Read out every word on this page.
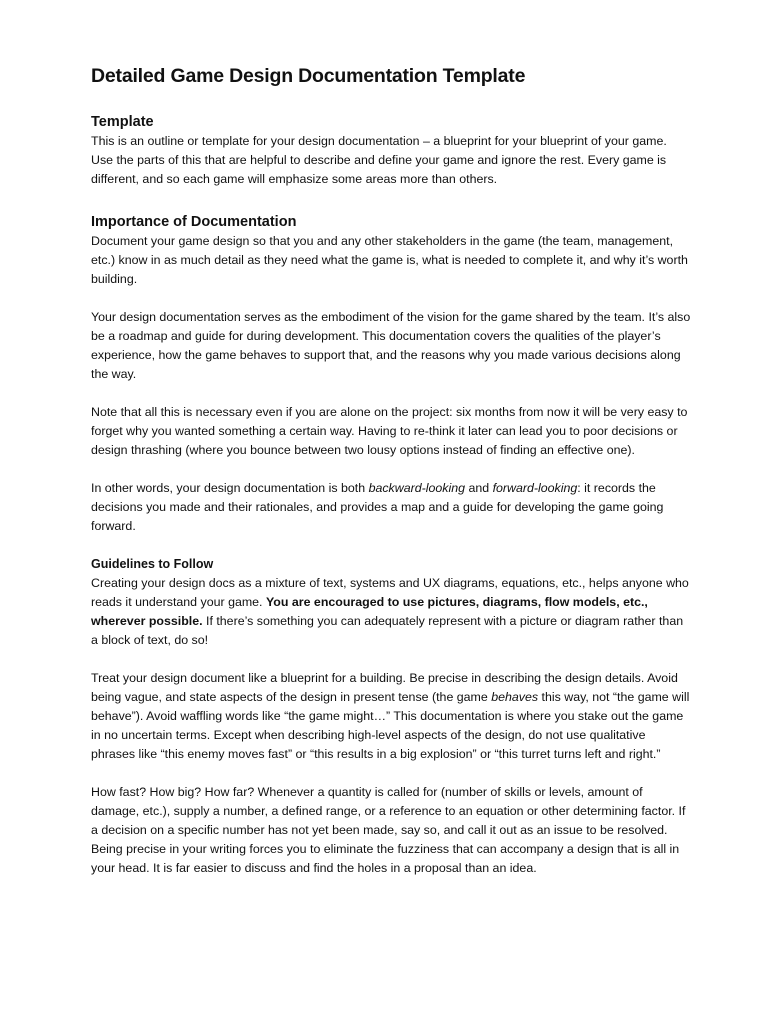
Detailed Game Design Documentation Template
Template

This is an outline or template for your design documentation – a blueprint for your blueprint of your game. Use the parts of this that are helpful to describe and define your game and ignore the rest. Every game is different, and so each game will emphasize some areas more than others.

Importance of Documentation

Document your game design so that you and any other stakeholders in the game (the team, management, etc.) know in as much detail as they need what the game is, what is needed to complete it, and why it’s worth building.

Your design documentation serves as the embodiment of the vision for the game shared by the team. It’s also be a roadmap and guide for during development. This documentation covers the qualities of the player’s experience, how the game behaves to support that, and the reasons why you made various decisions along the way.

Note that all this is necessary even if you are alone on the project: six months from now it will be very easy to forget why you wanted something a certain way. Having to re-think it later can lead you to poor decisions or design thrashing (where you bounce between two lousy options instead of finding an effective one).

In other words, your design documentation is both backward-looking and forward-looking: it records the decisions you made and their rationales, and provides a map and a guide for developing the game going forward.

Guidelines to Follow

Creating your design docs as a mixture of text, systems and UX diagrams, equations, etc., helps anyone who reads it understand your game. You are encouraged to use pictures, diagrams, flow models, etc., wherever possible. If there’s something you can adequately represent with a picture or diagram rather than a block of text, do so!

Treat your design document like a blueprint for a building. Be precise in describing the design details. Avoid being vague, and state aspects of the design in present tense (the game behaves this way, not “the game will behave”). Avoid waffling words like “the game might…” This documentation is where you stake out the game in no uncertain terms. Except when describing high-level aspects of the design, do not use qualitative phrases like “this enemy moves fast” or “this results in a big explosion” or “this turret turns left and right.”

How fast? How big? How far? Whenever a quantity is called for (number of skills or levels, amount of damage, etc.), supply a number, a defined range, or a reference to an equation or other determining factor. If a decision on a specific number has not yet been made, say so, and call it out as an issue to be resolved. Being precise in your writing forces you to eliminate the fuzziness that can accompany a design that is all in your head. It is far easier to discuss and find the holes in a proposal than an idea.
